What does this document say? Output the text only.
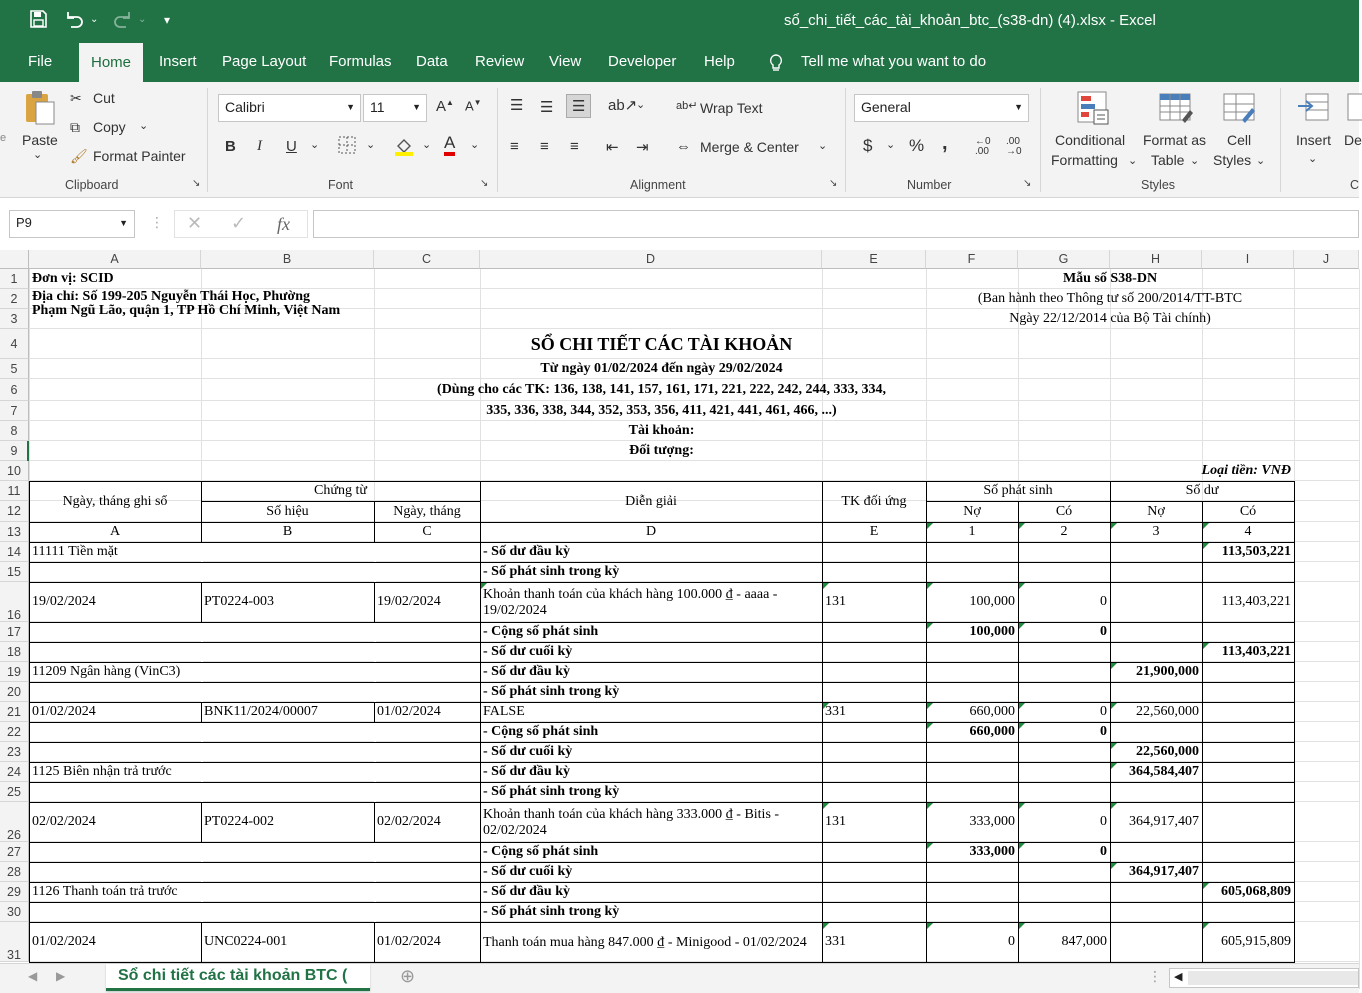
⌄	⌄ ▾	sổ_chi_tiết_các_tài_khoản_btc_(s38-dn) (4).xlsx - Excel
File	Home	Insert Page Layout Formulas Data Review View Developer Help	Tell me what you want to do
Paste
⌄
✂ Cut
⧉ Copy ⌄
🖌 Format Painter
Clipboard	↘
Calibri	▼	11	▼ A▲ A▼
B I U ⌄	⌄	⌄ A ⌄
Font	↘
☰ ☰	☰	ab↗
⌄
≡ ≡ ≡ ⇤ ⇥
ab↵ Wrap Text
⇔ Merge & Center ⌄
Alignment	↘
General	▼
$ ⌄ % ,	←0
.00
.00
→0
Number	↘
Conditional
Formatting ⌄
Format as
Table ⌄
Cell
Styles ⌄
Styles
Insert
⌄
De
C
e
P9	▼ ⋮ ✕ ✓ fx
Đơn vị: SCID
Địa chỉ: Số 199-205 Nguyễn Thái Học, Phường
Phạm Ngũ Lão, quận 1, TP Hồ Chí Minh, Việt Nam
Mẫu số S38-DN
(Ban hành theo Thông tư số 200/2014/TT-BTC
Ngày 22/12/2014 của Bộ Tài chính)
SỔ CHI TIẾT CÁC TÀI KHOẢN
Từ ngày 01/02/2024 đến ngày 29/02/2024
(Dùng cho các TK: 136, 138, 141, 157, 161, 171, 221, 222, 242, 244, 333, 334,
335, 336, 338, 344, 352, 353, 356, 411, 421, 441, 461, 466, ...)
Tài khoản:
Đối tượng:
Loại tiền: VNĐ
Ngày, tháng ghi sổ
Chứng từ
Số hiệu	Ngày, tháng
Diễn giải	TK đối ứng
Số phát sinh	Số dư
Nợ	Có	Nợ	Có
A	B	C	D	E	1	2	3	4
11111 Tiền mặt	- Số dư đầu kỳ	113,503,221
- Số phát sinh trong kỳ
19/02/2024	PT0224-003	19/02/2024	Khoản thanh toán của khách hàng 100.000 ₫ - aaaa - 19/02/2024
131	100,000	0	113,403,221
- Cộng số phát sinh	100,000	0
- Số dư cuối kỳ	113,403,221
11209 Ngân hàng (VinC3)	- Số dư đầu kỳ	21,900,000
- Số phát sinh trong kỳ
01/02/2024	BNK11/2024/00007	01/02/2024	FALSE	331	660,000	0	22,560,000
- Cộng số phát sinh	660,000	0
- Số dư cuối kỳ	22,560,000
1125 Biên nhận trả trước	- Số dư đầu kỳ	364,584,407
- Số phát sinh trong kỳ
02/02/2024	PT0224-002	02/02/2024	Khoản thanh toán của khách hàng 333.000 ₫ - Bitis - 02/02/2024
131	333,000	0	364,917,407
- Cộng số phát sinh	333,000	0
- Số dư cuối kỳ	364,917,407
1126 Thanh toán trả trước	- Số dư đầu kỳ	605,068,809
- Số phát sinh trong kỳ
01/02/2024	UNC0224-001	01/02/2024	Thanh toán mua hàng 847.000 ₫ - Minigood - 01/02/2024	331	0	847,000	605,915,809
A	B	C	D	E	F	G	H	I	J
1
2
3
4
5
6
7
8
9
10
11
12
13
14
15
16
17
18
19
20
21
22
23
24
25
26
27
28
29
30
31
◀ ▶	Sổ chi tiết các tài khoản BTC (	⊕	⋮ ◀
